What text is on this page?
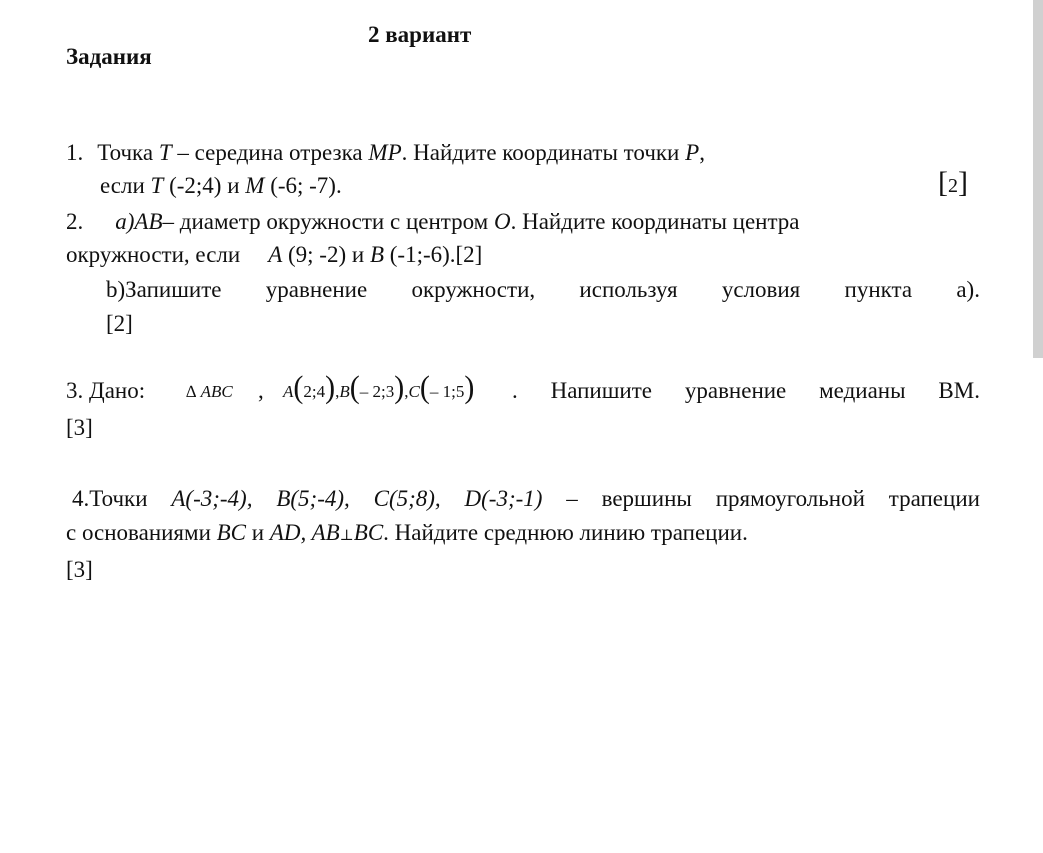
2 вариант
Задания
1. Точка T – середина отрезка MP. Найдите координаты точки P,
если T (-2;4) и M (-6; -7).	[2]
2. a)AB– диаметр окружности с центром O. Найдите координаты центра
окружности, если A (9; -2) и B (-1;-6).[2]
b)Запишите уравнение окружности, используя условия пункта а).
[2]
3. Дано: ∆ ABC , A(2;4),B(– 2;3),C(– 1;5) . Напишите уравнение медианы ВМ.
[3]
4.Точки A(-3;-4), B(5;-4), C(5;8), D(-3;-1) – вершины прямоугольной трапеции
с основаниями BC и AD, AB⊥BC. Найдите среднюю линию трапеции.
[3]
